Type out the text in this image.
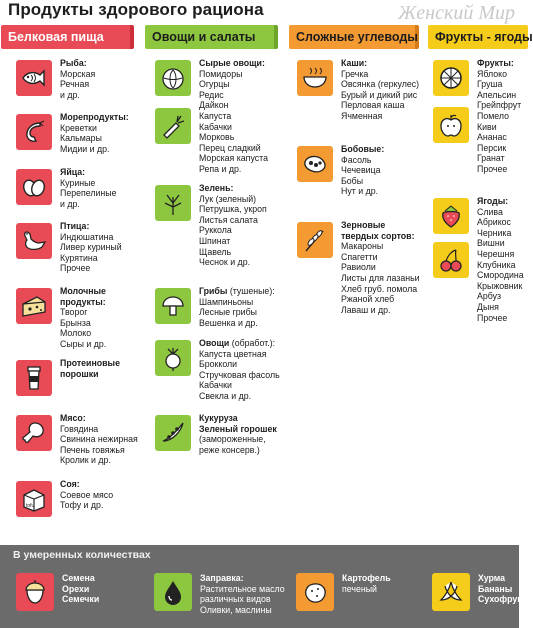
Продукты здорового рациона	Женский Мир
Белковая пища	Овощи и салаты	Сложные углеводы	Фрукты - ягоды
Рыба:
Морская
Речная
и др.
Морепродукты:
Креветки
Кальмары
Мидии и др.
Яйца:
Куриные
Перепелиные
и др.
Птица:
Индюшатина
Ливер куриный
Курятина
Прочее
Молочные продукты:
Творог
Брынза
Молоко
Сыры и др.
Протеиновые порошки
Мясо:
Говядина
Свинина нежирная
Печень говяжья
Кролик и др.
tofu
Соя:
Соевое мясо
Тофу и др.
Сырые овощи:
Помидоры
Огурцы
Редис
Дайкон
Капуста
Кабачки
Морковь
Перец сладкий
Морская капуста
Репа и др.
Зелень:
Лук (зеленый)
Петрушка, укроп
Листья салата
Руккола
Шпинат
Щавель
Чеснок и др.
Грибы (тушеные):
Шампиньоны
Лесные грибы
Вешенка и др.
Овощи (обработ.):
Капуста цветная
Брокколи
Стручковая фасоль
Кабачки
Свекла и др.
Кукуруза
Зеленый горошек
(замороженные,
реже консерв.)
Каши:
Гречка
Овсянка (геркулес)
Бурый и дикий рис
Перловая каша
Ячменная
Бобовые:
Фасоль
Чечевица
Бобы
Нут и др.
Зерновые твердых сортов:
Макароны
Спагетти
Равиоли
Листы для лазаньи
Хлеб груб. помола
Ржаной хлеб
Лаваш и др.
Фрукты:
Яблоко
Груша
Апельсин
Грейпфрут
Помело
Киви
Ананас
Персик
Гранат
Прочее
Ягоды:
Слива
Абрикос
Черника
Вишни
Черешня
Клубника
Смородина
Крыжовник
Арбуз
Дыня
Прочее
В умеренных количествах
Семена
Орехи
Семечки
Заправка:
Растительное масло
различных видов
Оливки, маслины
Картофель
печеный
Хурма
Бананы
Сухофрукты
